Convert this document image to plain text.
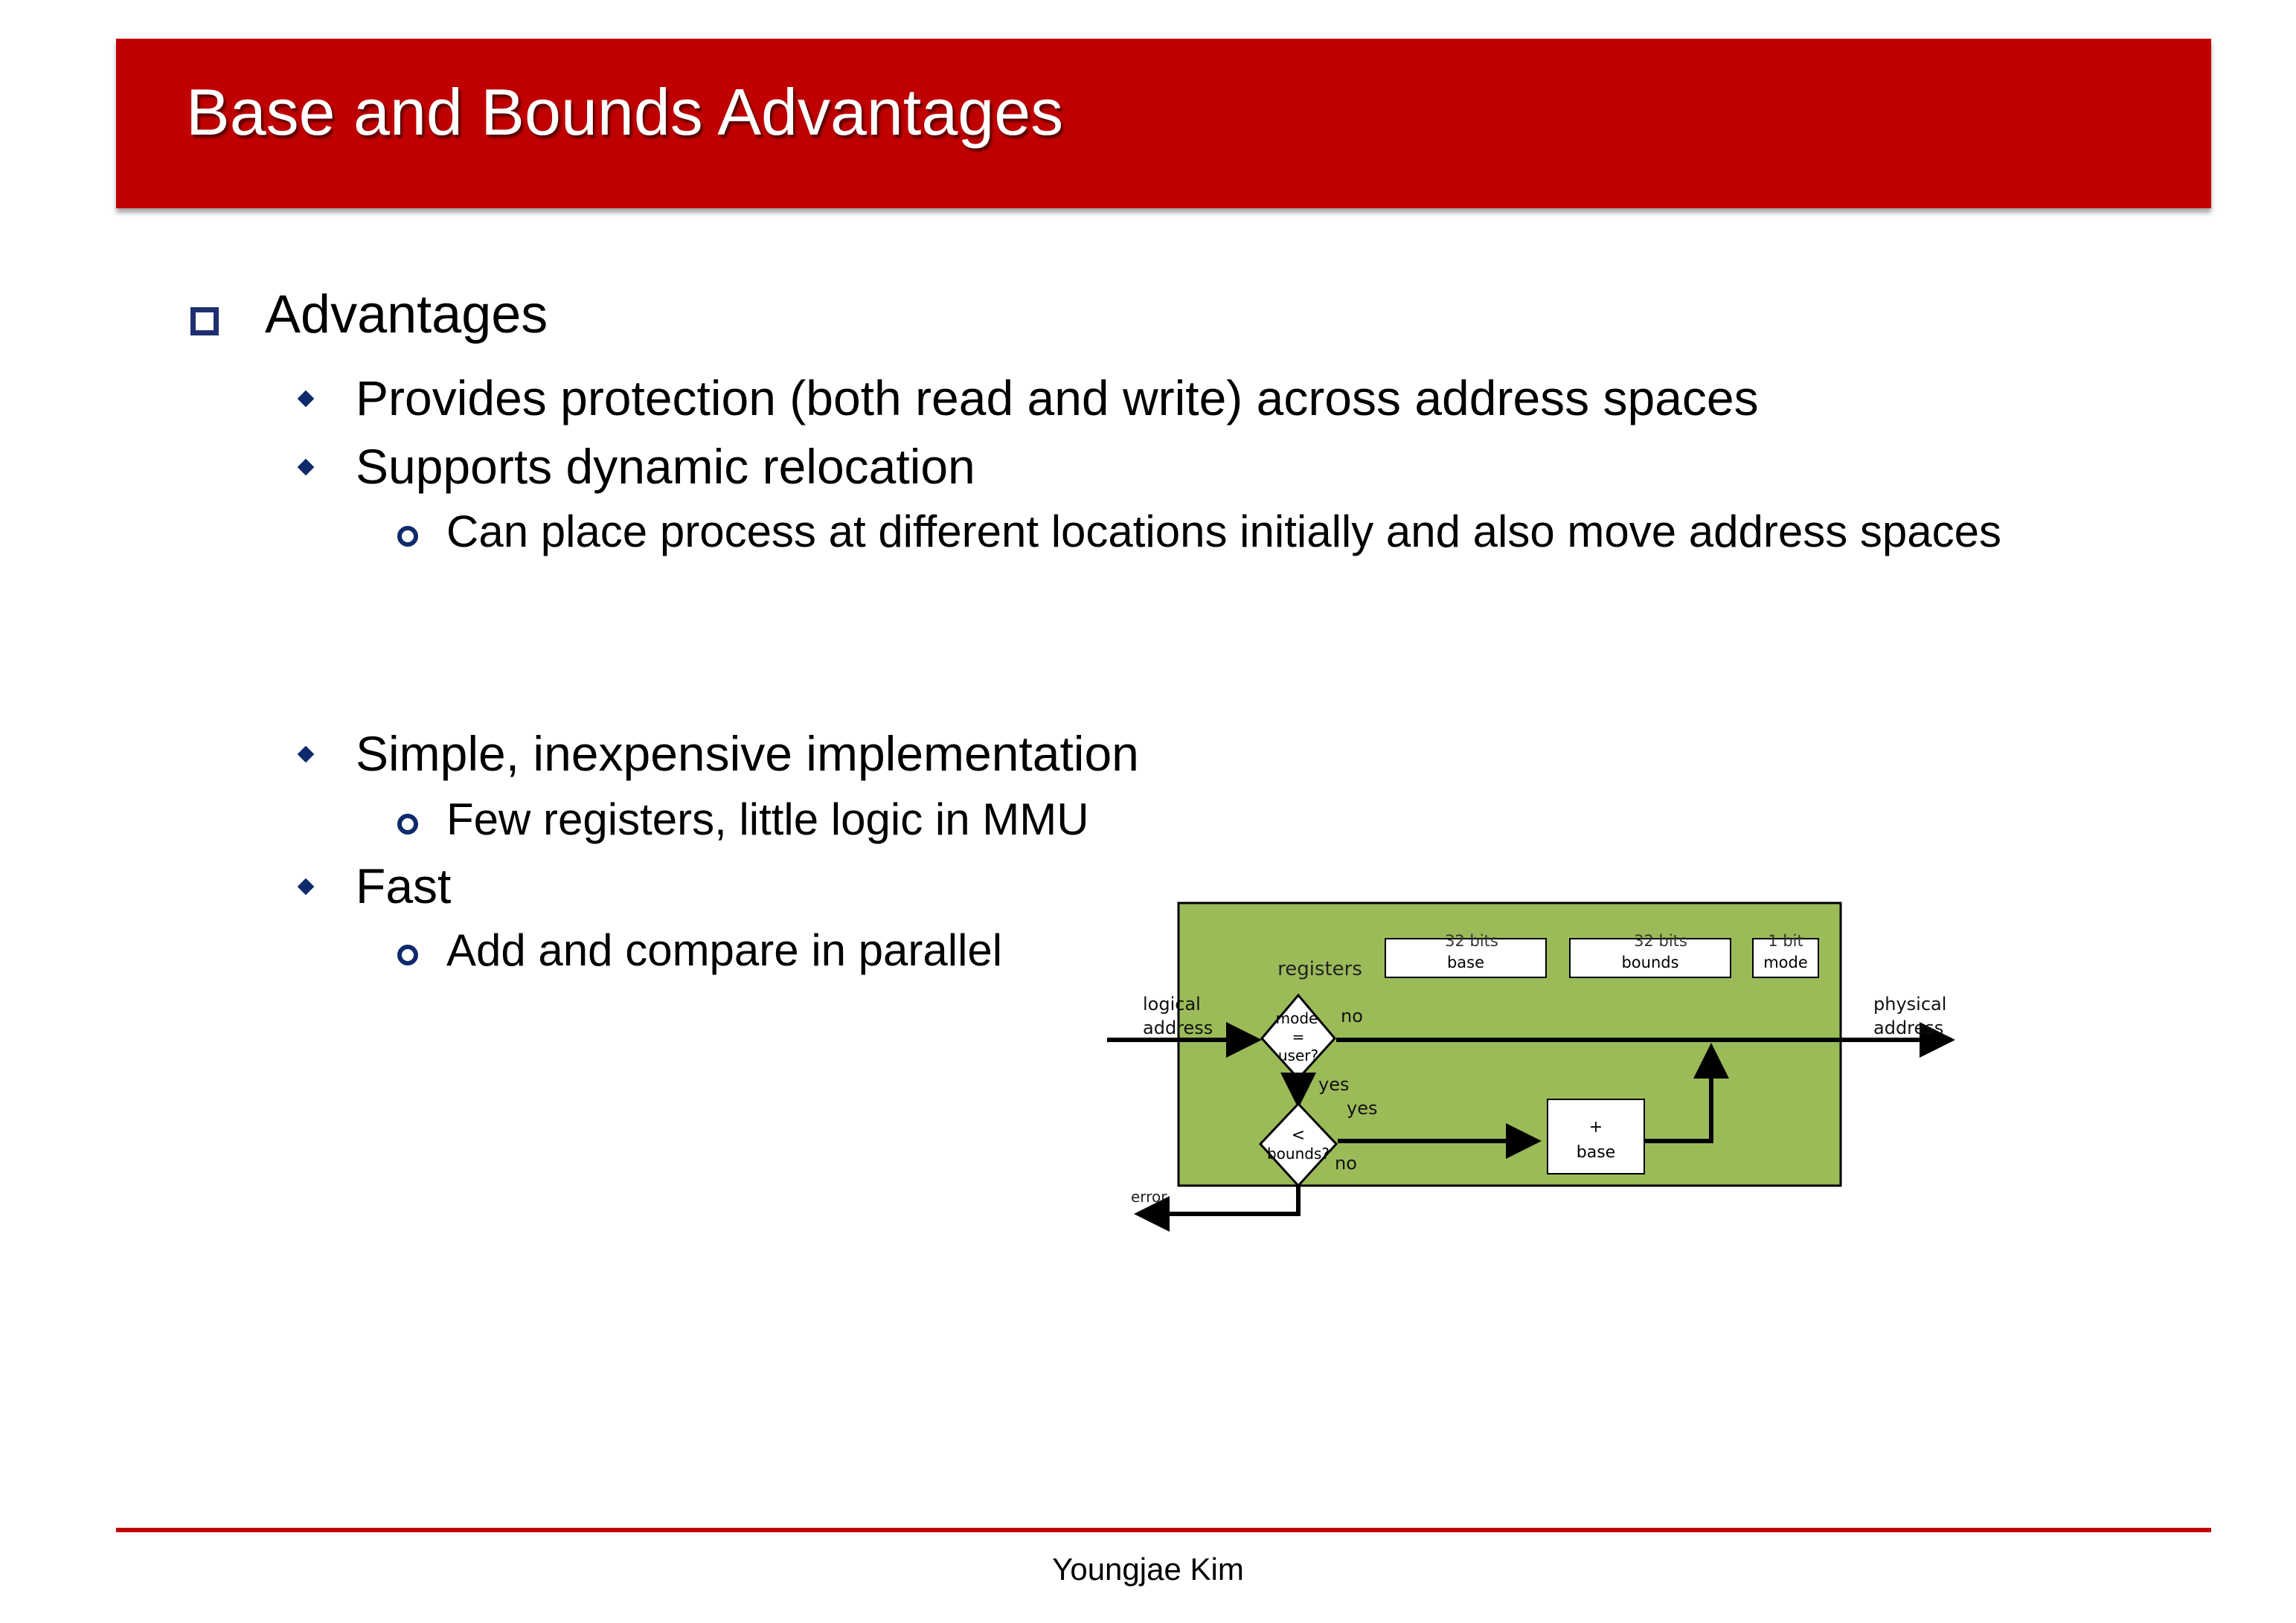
Base and Bounds Advantages
Advantages
Provides protection (both read and write) across address spaces
Supports dynamic relocation
Can place process at different locations initially and also move address spaces
Simple, inexpensive implementation
Few registers, little logic in MMU
Fast
Add and compare in parallel	registers
32 bits
base
32 bits
bounds
1 bit
mode
mode
=
user?
<
bounds?
+
base
logical
address
physical
address
no
yes
yes
no
error
Youngjae Kim
